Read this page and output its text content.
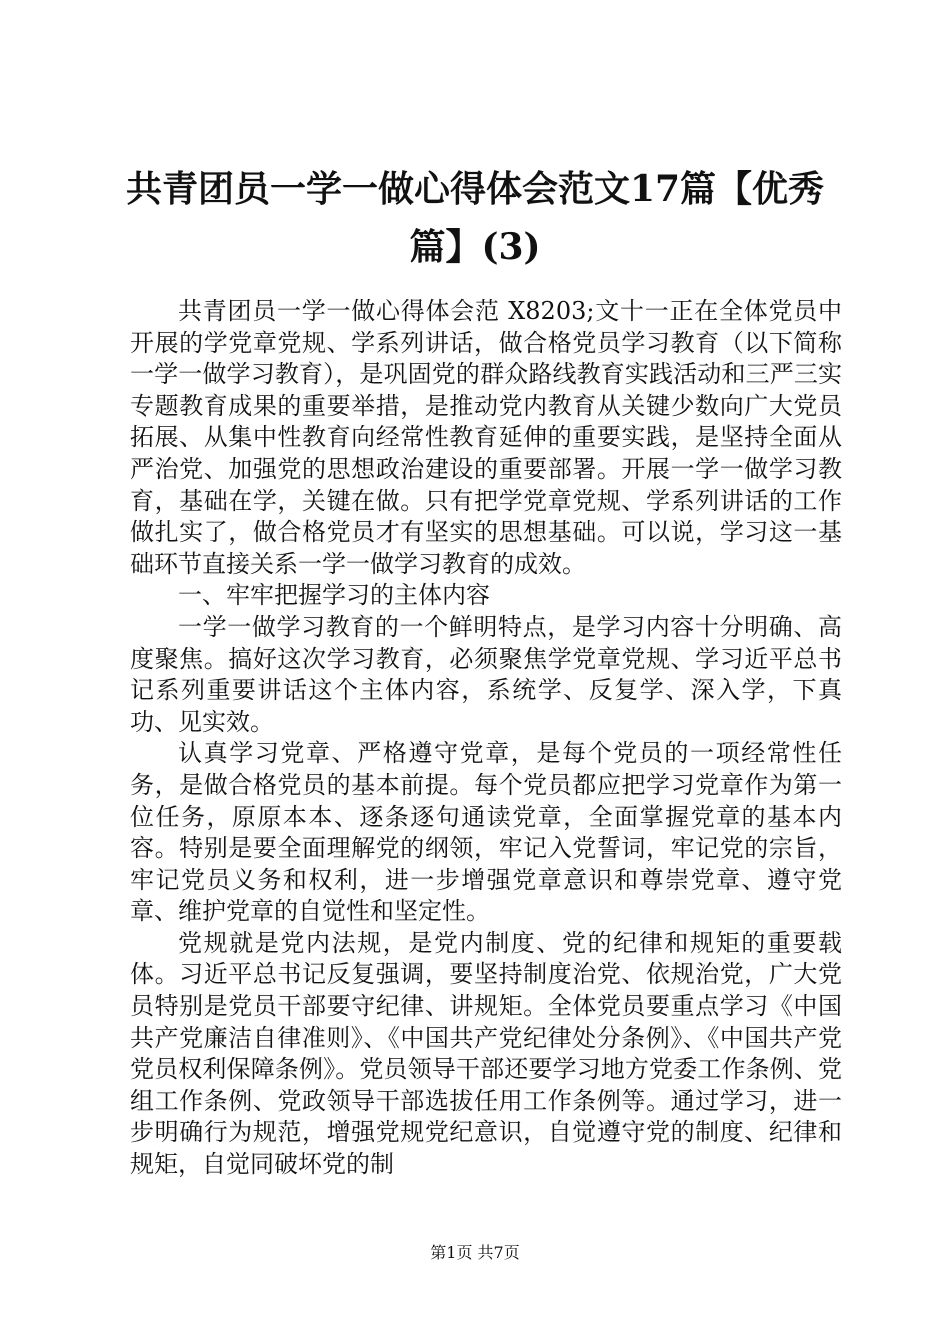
共青团员一学一做心得体会范文17篇【优秀篇】(3)

共青团员一学一做心得体会范 X8203;文十一正在全体党员中开展的学党章党规、学系列讲话，做合格党员学习教育（以下简称一学一做学习教育），是巩固党的群众路线教育实践活动和三严三实专题教育成果的重要举措，是推动党内教育从关键少数向广大党员拓展、从集中性教育向经常性教育延伸的重要实践，是坚持全面从严治党、加强党的思想政治建设的重要部署。开展一学一做学习教育，基础在学，关键在做。只有把学党章党规、学系列讲话的工作做扎实了，做合格党员才有坚实的思想基础。可以说，学习这一基础环节直接关系一学一做学习教育的成效。

一、牢牢把握学习的主体内容

一学一做学习教育的一个鲜明特点，是学习内容十分明确、高度聚焦。搞好这次学习教育，必须聚焦学党章党规、学习近平总书记系列重要讲话这个主体内容，系统学、反复学、深入学，下真功、见实效。

认真学习党章、严格遵守党章，是每个党员的一项经常性任务，是做合格党员的基本前提。每个党员都应把学习党章作为第一位任务，原原本本、逐条逐句通读党章，全面掌握党章的基本内容。特别是要全面理解党的纲领，牢记入党誓词，牢记党的宗旨，牢记党员义务和权利，进一步增强党章意识和尊崇党章、遵守党章、维护党章的自觉性和坚定性。

党规就是党内法规，是党内制度、党的纪律和规矩的重要载体。习近平总书记反复强调，要坚持制度治党、依规治党，广大党员特别是党员干部要守纪律、讲规矩。全体党员要重点学习《中国共产党廉洁自律准则》、《中国共产党纪律处分条例》、《中国共产党党员权利保障条例》。党员领导干部还要学习地方党委工作条例、党组工作条例、党政领导干部选拔任用工作条例等。通过学习，进一步明确行为规范，增强党规党纪意识，自觉遵守党的制度、纪律和规矩，自觉同破坏党的制

第1页 共7页
